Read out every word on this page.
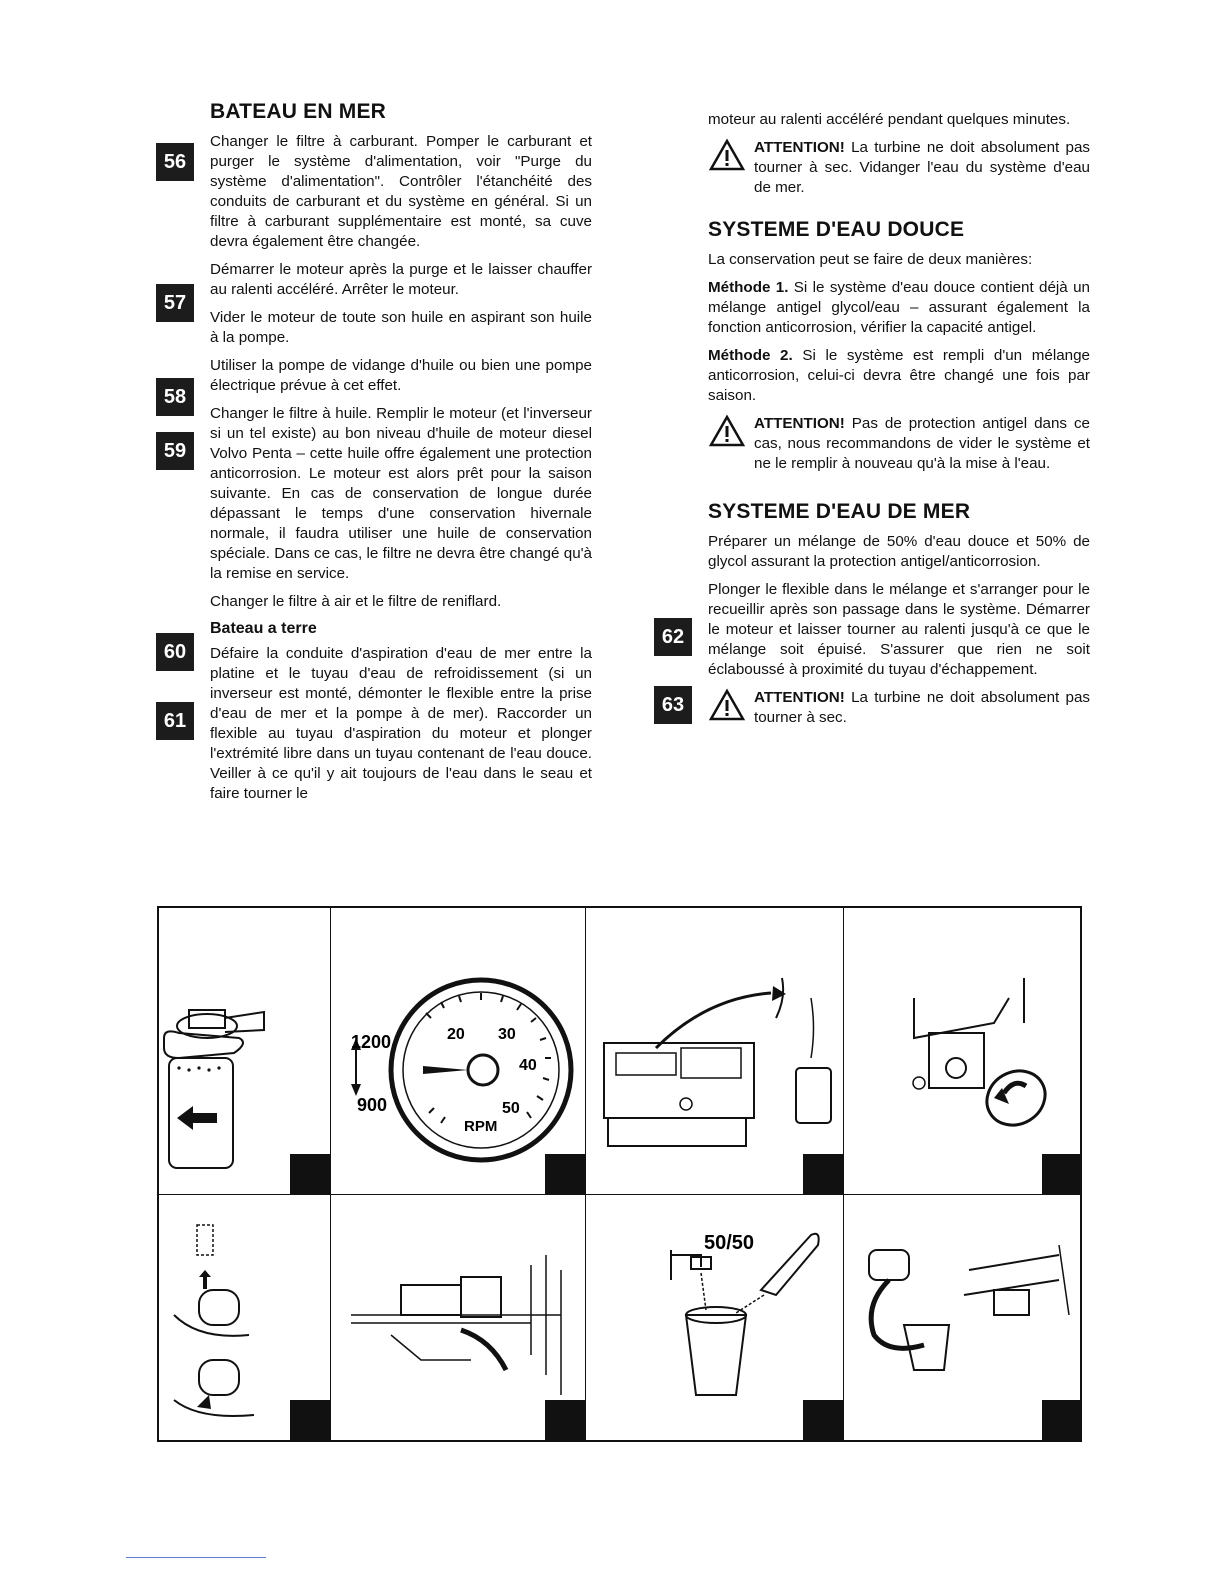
BATEAU EN MER

Changer le filtre à carburant. Pomper le carburant et purger le système d'alimentation, voir "Purge du système d'alimentation". Contrôler l'étanchéité des conduits de carburant et du système en général. Si un filtre à carburant supplémentaire est monté, sa cuve devra également être changée.

Démarrer le moteur après la purge et le laisser chauffer au ralenti accéléré. Arrêter le moteur.

Vider le moteur de toute son huile en aspirant son huile à la pompe.

Utiliser la pompe de vidange d'huile ou bien une pompe électrique prévue à cet effet.

Changer le filtre à huile. Remplir le moteur (et l'inverseur si un tel existe) au bon niveau d'huile de moteur diesel Volvo Penta – cette huile offre également une protection anticorrosion. Le moteur est alors prêt pour la saison suivante. En cas de conservation de longue durée dépassant le temps d'une conservation hivernale normale, il faudra utiliser une huile de conservation spéciale. Dans ce cas, le filtre ne devra être changé qu'à la remise en service.

Changer le filtre à air et le filtre de reniflard.

Bateau a terre

Défaire la conduite d'aspiration d'eau de mer entre la platine et le tuyau d'eau de refroidissement (si un inverseur est monté, démonter le flexible entre la prise d'eau de mer et la pompe à de mer). Raccorder un flexible au tuyau d'aspiration du moteur et plonger l'extrémité libre dans un tuyau contenant de l'eau douce. Veiller à ce qu'il y ait toujours de l'eau dans le seau et faire tourner le

56
57
58
59
60
61

moteur au ralenti accéléré pendant quelques minutes.

ATTENTION! La turbine ne doit absolument pas tourner à sec. Vidanger l'eau du système d'eau de mer.

SYSTEME D'EAU DOUCE

La conservation peut se faire de deux manières:

Méthode 1. Si le système d'eau douce contient déjà un mélange antigel glycol/eau – assurant également la fonction anticorrosion, vérifier la capacité antigel.

Méthode 2. Si le système est rempli d'un mélange anticorrosion, celui-ci devra être changé une fois par saison.

ATTENTION! Pas de protection antigel dans ce cas, nous recommandons de vider le système et ne le remplir à nouveau qu'à la mise à l'eau.

SYSTEME D'EAU DE MER

Préparer un mélange de 50% d'eau douce et 50% de glycol assurant la protection antigel/anticorrosion.

Plonger le flexible dans le mélange et s'arranger pour le recueillir après son passage dans le système. Démarrer le moteur et laisser tourner au ralenti jusqu'à ce que le mélange soit épuisé. S'assurer que rien ne soit éclaboussé à proximité du tuyau d'échappement.

ATTENTION! La turbine ne doit absolument pas tourner à sec.

62
63
1200
900
20 30
40
50
RPM
50/50
